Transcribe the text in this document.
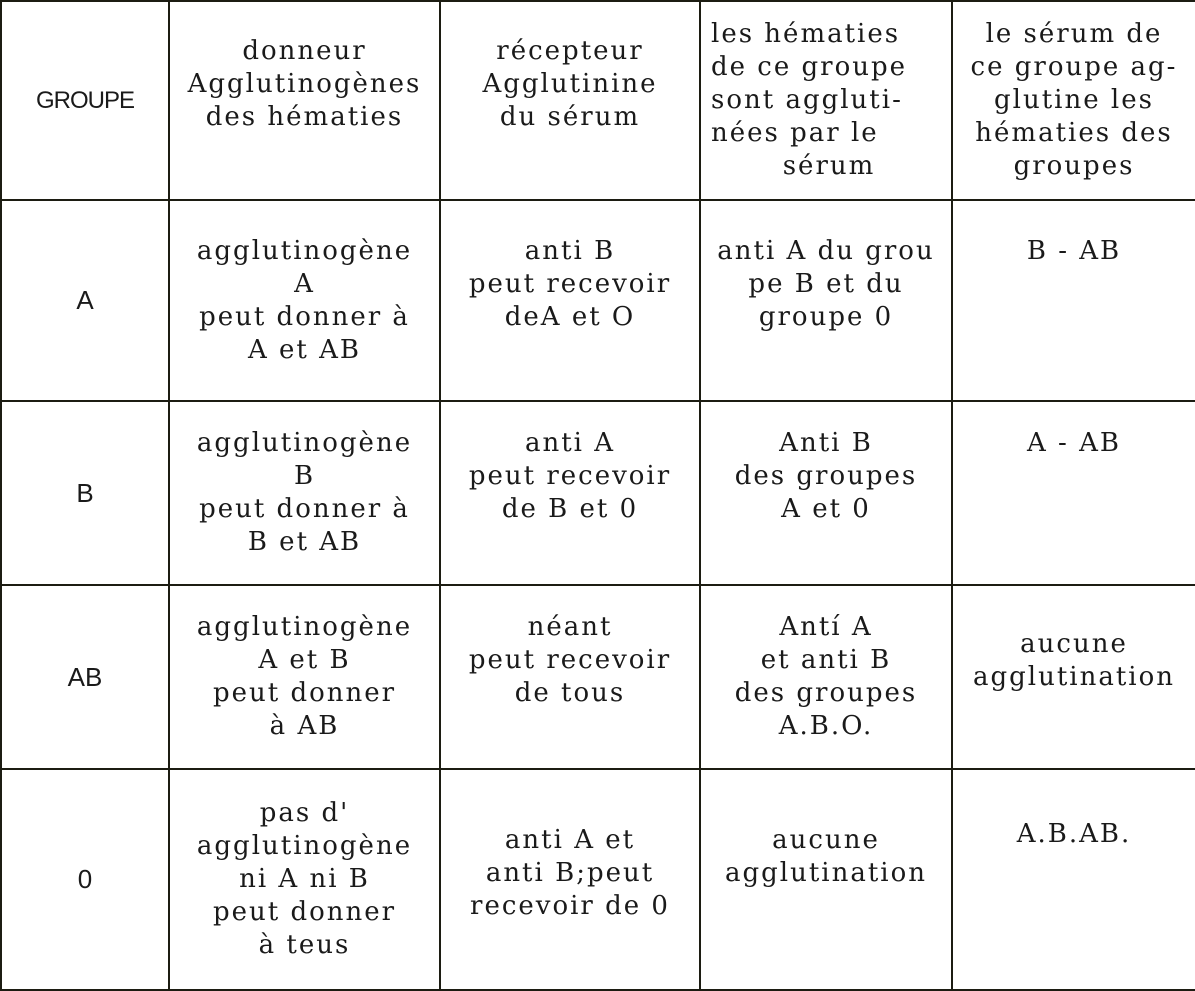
GROUPE	donneur
Agglutinogènes
des hématies	récepteur
Agglutinine
du sérum	les hématies
de ce groupe
sont aggluti-
nées par le
sérum	le sérum de
ce groupe ag-
glutine les
hématies des
groupes

A	agglutinogène
A
peut donner à
A et AB	anti B
peut recevoir
deA et O	anti A du grou
pe B et du
groupe 0	B - AB

B	agglutinogène
B
peut donner à
B et AB	anti A
peut recevoir
de B et 0	Anti B
des groupes
A et 0	A - AB

AB	agglutinogène
A et B
peut donner
à AB	néant
peut recevoir
de tous	Antí A
et anti B
des groupes
A.B.O.	aucune
agglutination

0	pas d'
agglutinogène
ni A ni B
peut donner
à teus	anti A et
anti B;peut
recevoir de 0	aucune
agglutination	A.B.AB.
